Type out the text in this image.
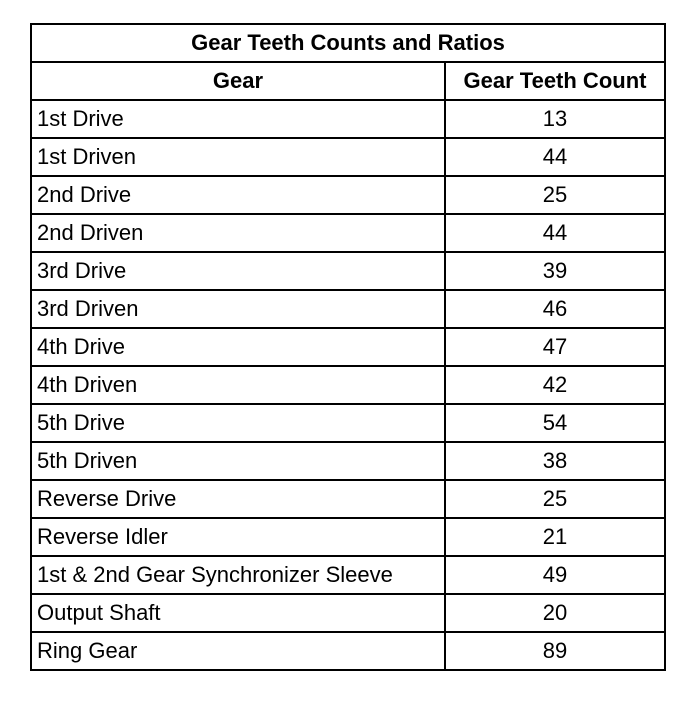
Gear Teeth Counts and Ratios	
Gear	Gear Teeth Count
1st Drive	13
1st Driven	44
2nd Drive	25
2nd Driven	44
3rd Drive	39
3rd Driven	46
4th Drive	47
4th Driven	42
5th Drive	54
5th Driven	38
Reverse Drive	25
Reverse Idler	21
1st & 2nd Gear Synchronizer Sleeve	49
Output Shaft	20
Ring Gear	89
